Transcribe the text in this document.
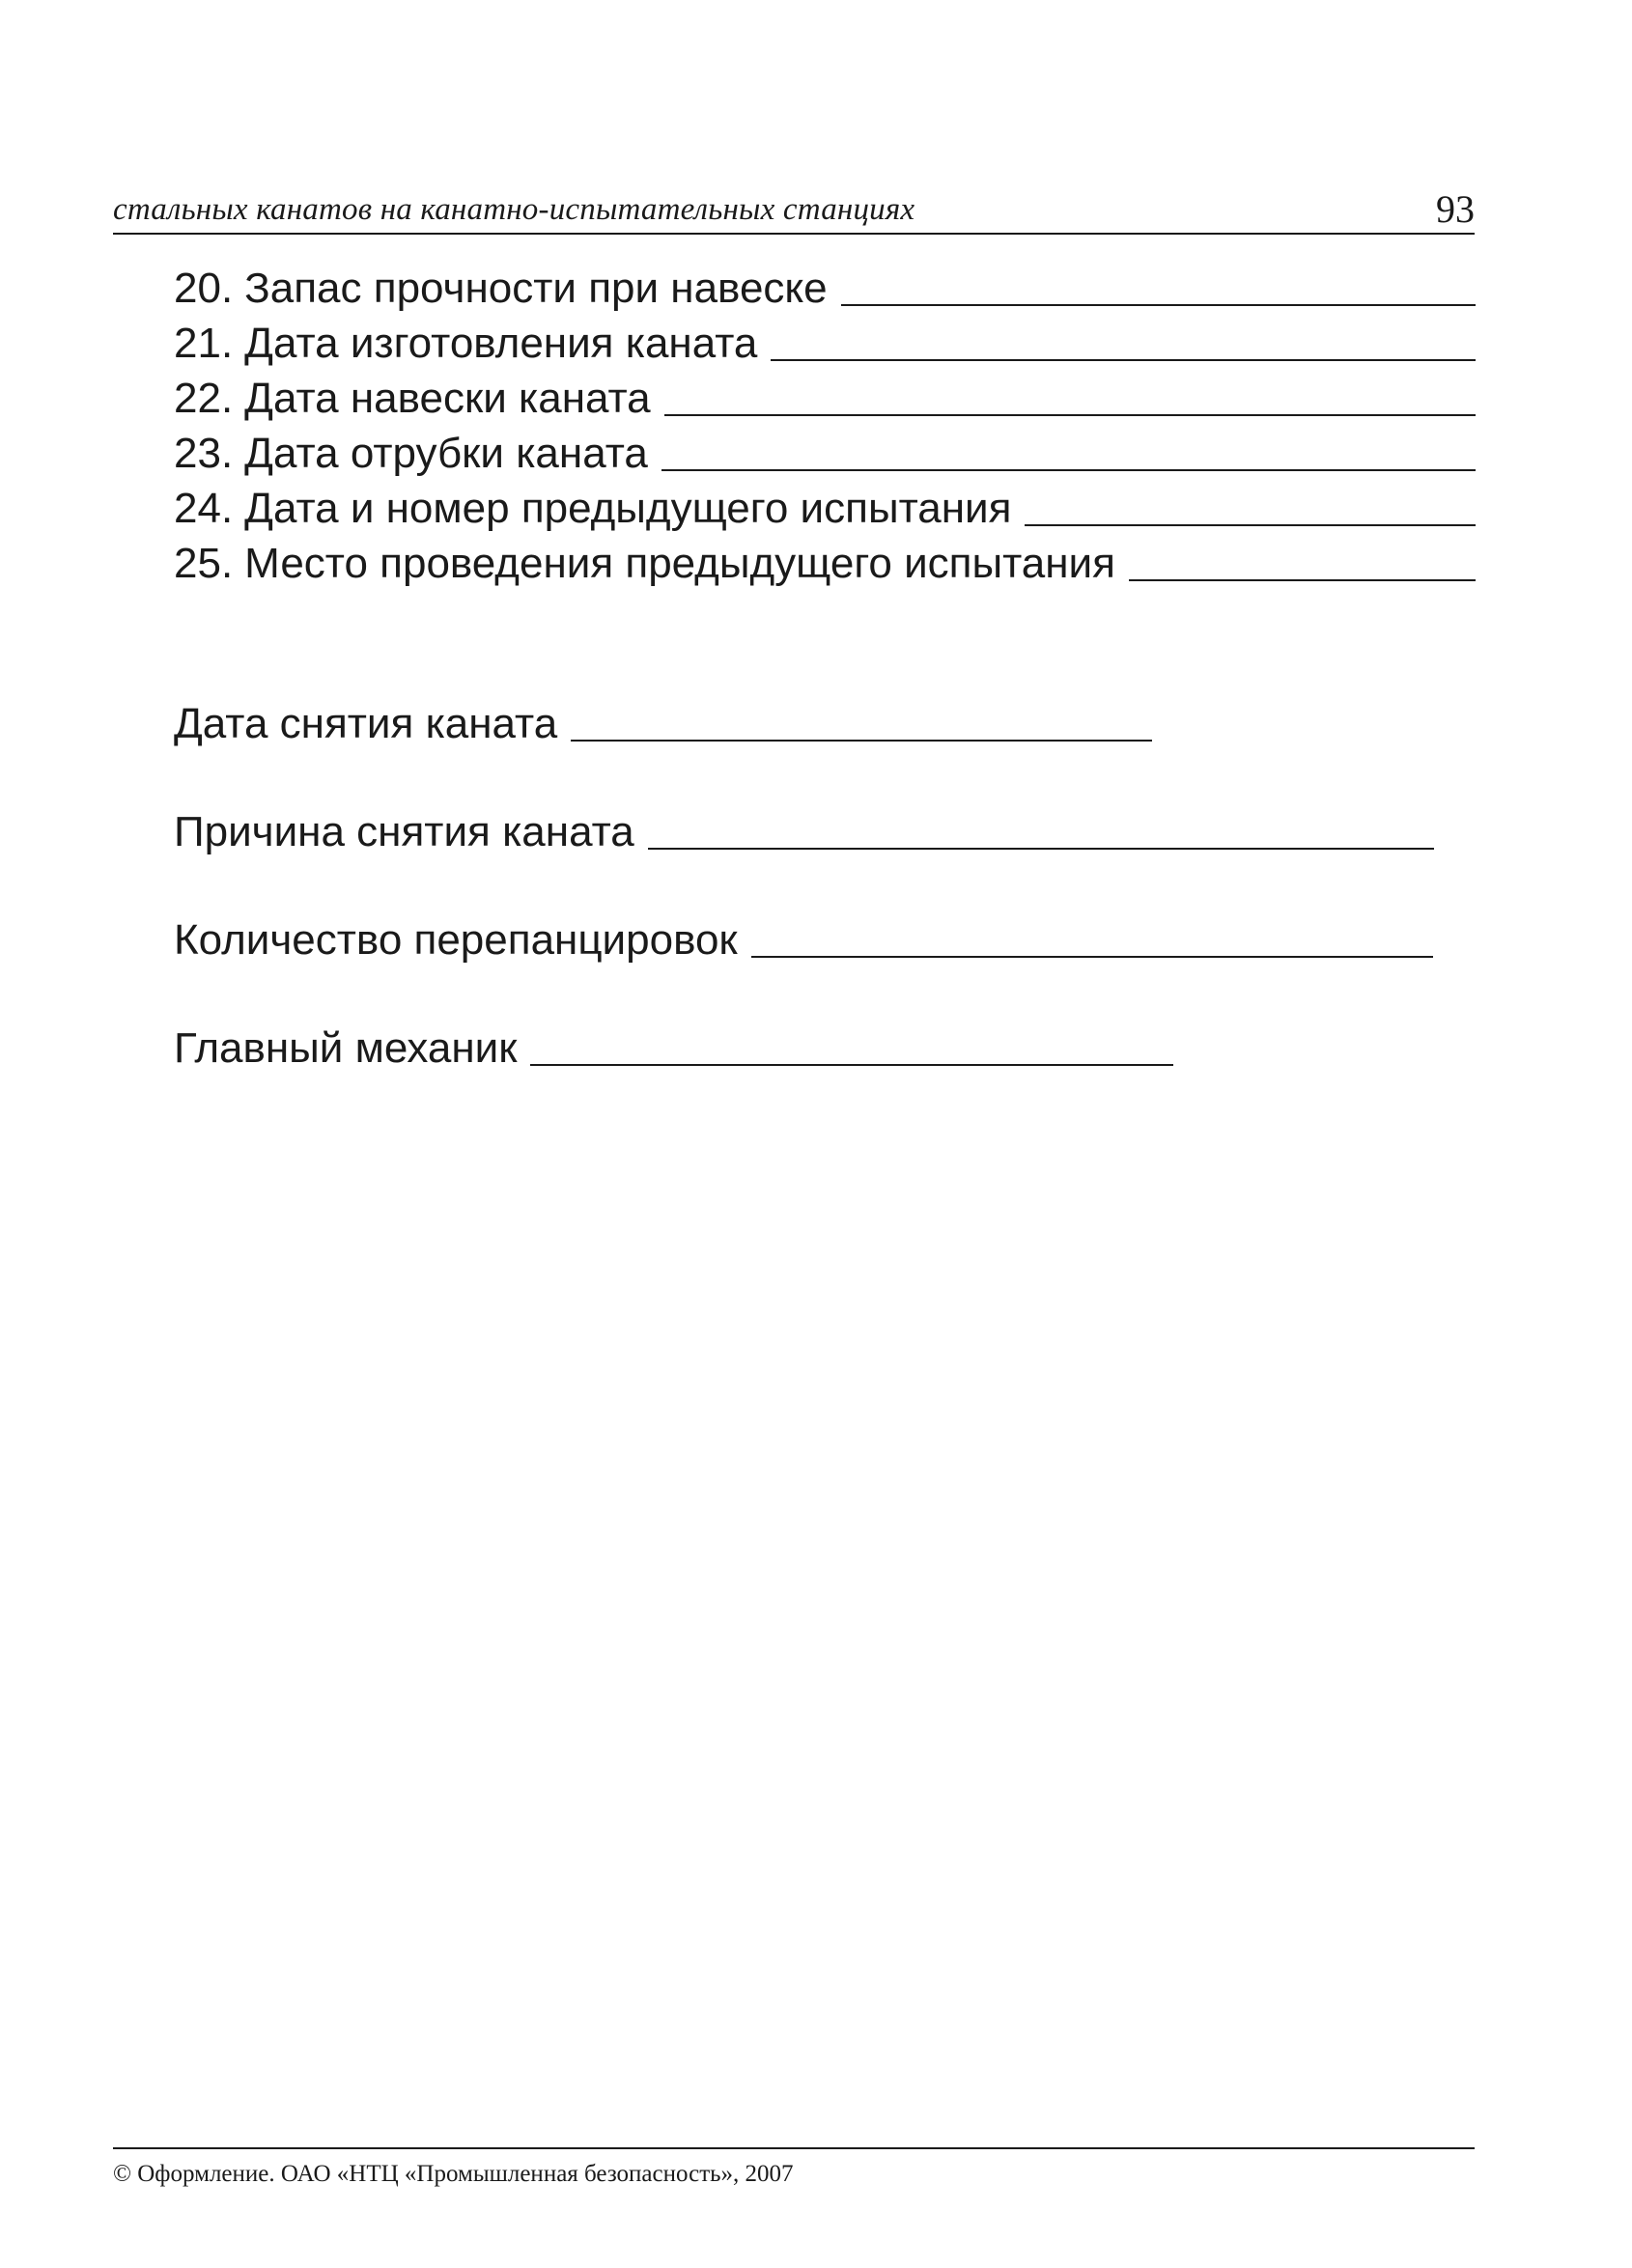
стальных канатов на канатно-испытательных станциях	93
20. Запас прочности при навеске
21. Дата изготовления каната
22. Дата навески каната
23. Дата отрубки каната
24. Дата и номер предыдущего испытания
25. Место проведения предыдущего испытания
Дата снятия каната
Причина снятия каната
Количество перепанцировок
Главный механик
© Оформление. ОАО «НТЦ «Промышленная безопасность», 2007
